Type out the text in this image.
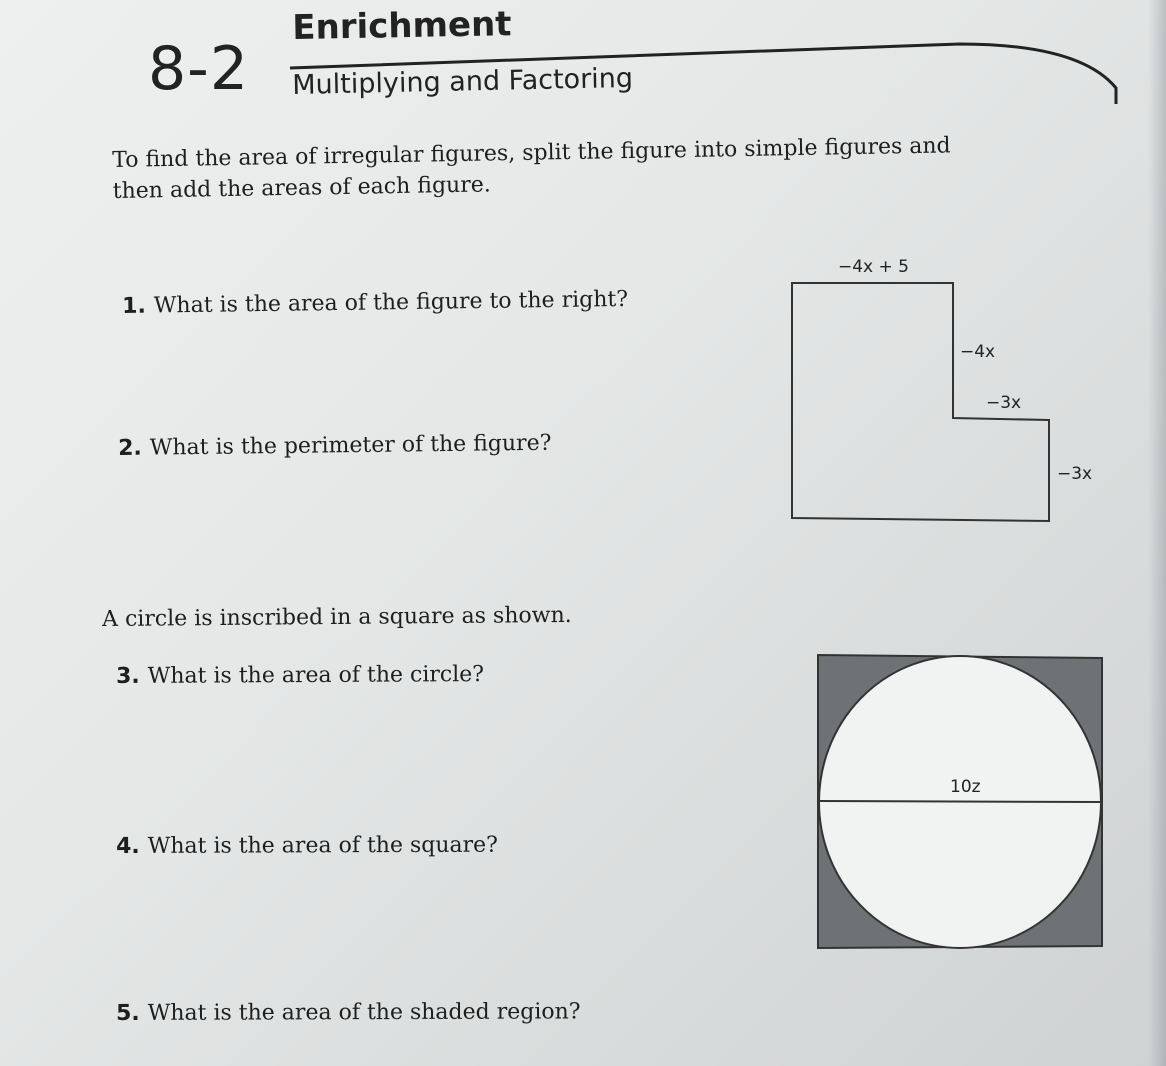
8-2
Enrichment
Multiplying and Factoring
To find the area of irregular figures, split the figure into simple figures and then add the areas of each figure.
1. What is the area of the figure to the right?
2. What is the perimeter of the figure?
A circle is inscribed in a square as shown.
3. What is the area of the circle?
4. What is the area of the square?
5. What is the area of the shaded region?
−4x + 5
−4x
−3x
−3x
10z
